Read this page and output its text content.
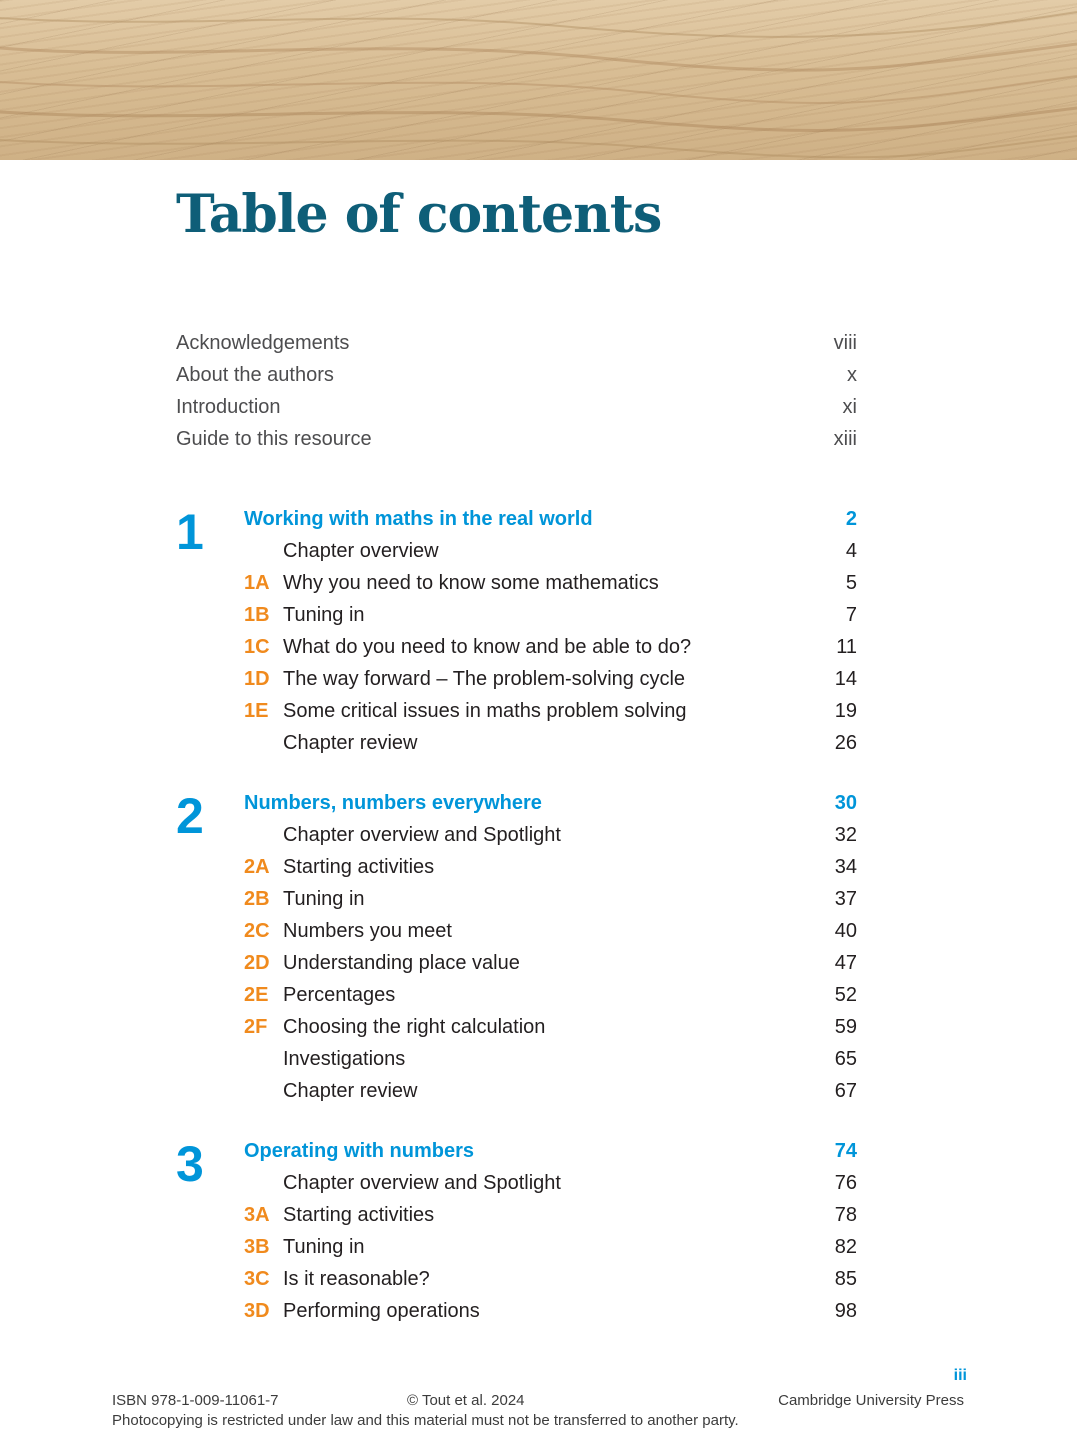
Table of contents
Acknowledgements	viii
About the authors	x
Introduction	xi
Guide to this resource	xiii
1 Working with maths in the real world	2
Chapter overview	4
1A Why you need to know some mathematics	5
1B Tuning in	7
1C What do you need to know and be able to do?	11
1D The way forward – The problem-solving cycle	14
1E Some critical issues in maths problem solving	19
Chapter review	26
2 Numbers, numbers everywhere	30
Chapter overview and Spotlight	32
2A Starting activities	34
2B Tuning in	37
2C Numbers you meet	40
2D Understanding place value	47
2E Percentages	52
2F Choosing the right calculation	59
Investigations	65
Chapter review	67
3 Operating with numbers	74
Chapter overview and Spotlight	76
3A Starting activities	78
3B Tuning in	82
3C Is it reasonable?	85
3D Performing operations	98
iii
ISBN 978-1-009-11061-7	© Tout et al. 2024	Cambridge University Press
Photocopying is restricted under law and this material must not be transferred to another party.
